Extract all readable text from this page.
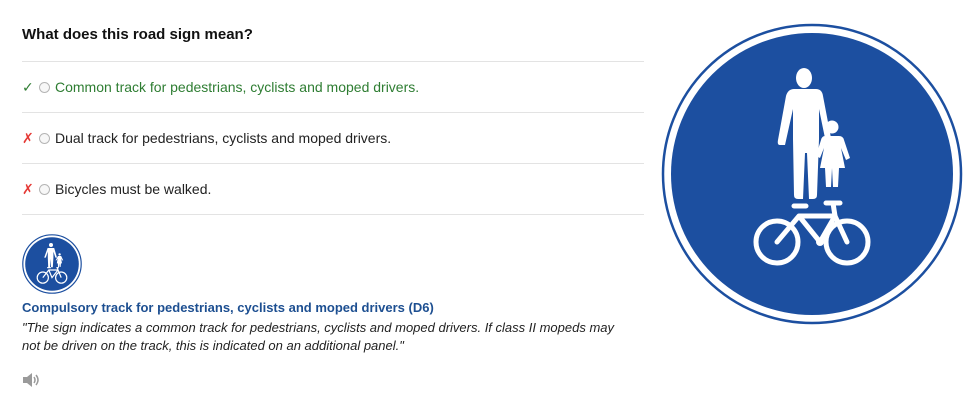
What does this road sign mean?
✓	Common track for pedestrians, cyclists and moped drivers.
✗	Dual track for pedestrians, cyclists and moped drivers.
✗	Bicycles must be walked.
Compulsory track for pedestrians, cyclists and moped drivers (D6)
"The sign indicates a common track for pedestrians, cyclists and moped drivers. If class II mopeds may not be driven on the track, this is indicated on an additional panel."
